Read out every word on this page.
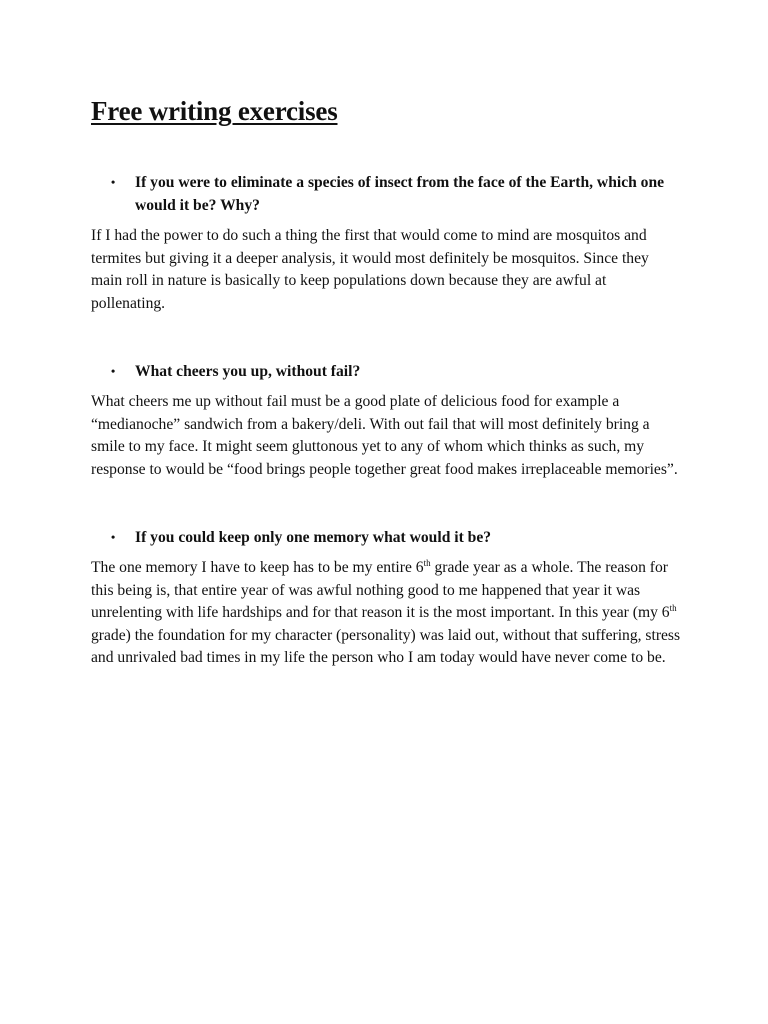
Free writing exercises
•	If you were to eliminate a species of insect from the face of the Earth, which one would it be? Why?

If I had the power to do such a thing the first that would come to mind are mosquitos and termites but giving it a deeper analysis, it would most definitely be mosquitos. Since they main roll in nature is basically to keep populations down because they are awful at pollenating.

•	What cheers you up, without fail?

What cheers me up without fail must be a good plate of delicious food for example a “medianoche” sandwich from a bakery/deli. With out fail that will most definitely bring a smile to my face. It might seem gluttonous yet to any of whom which thinks as such, my response to would be “food brings people together great food makes irreplaceable memories”.

•	If you could keep only one memory what would it be?

The one memory I have to keep has to be my entire 6th grade year as a whole. The reason for this being is, that entire year of was awful nothing good to me happened that year it was unrelenting with life hardships and for that reason it is the most important. In this year (my 6th grade) the foundation for my character (personality) was laid out, without that suffering, stress and unrivaled bad times in my life the person who I am today would have never come to be.
